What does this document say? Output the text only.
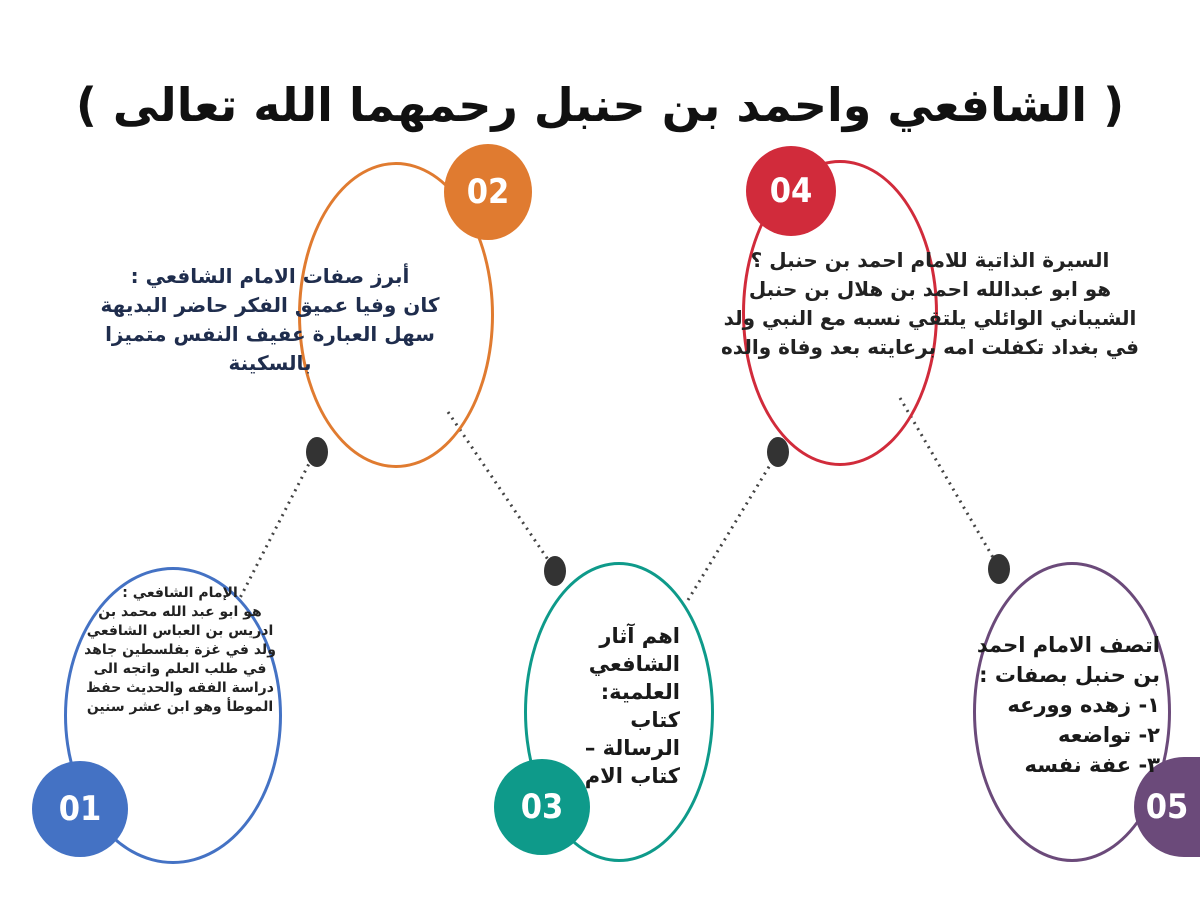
( الشافعي واحمد بن حنبل رحمهما الله تعالى )
01
الإمام الشافعي :
هو ابو عبد الله محمد بن ادريس بن العباس الشافعي ولد في غزة بفلسطين جاهد في طلب العلم واتجه الى دراسة الفقه والحديث حفظ الموطأ وهو ابن عشر سنين
02
أبرز صفات الامام الشافعي :
كان وفيا عميق الفكر حاضر البديهة سهل العبارة عفيف النفس متميزا بالسكينة
03
اهم آثار الشافعي العلمية:
كتاب الرسالة – كتاب الام
04
السيرة الذاتية للامام احمد بن حنبل ؟
هو ابو عبدالله احمد بن هلال بن حنبل الشيباني الوائلي يلتقي نسبه مع النبي ولد في بغداد تكفلت امه برعايته بعد وفاة والده
05
اتصف الامام احمد بن حنبل بصفات :
١- زهده وورعه
٢- تواضعه
٣- عفة نفسه
